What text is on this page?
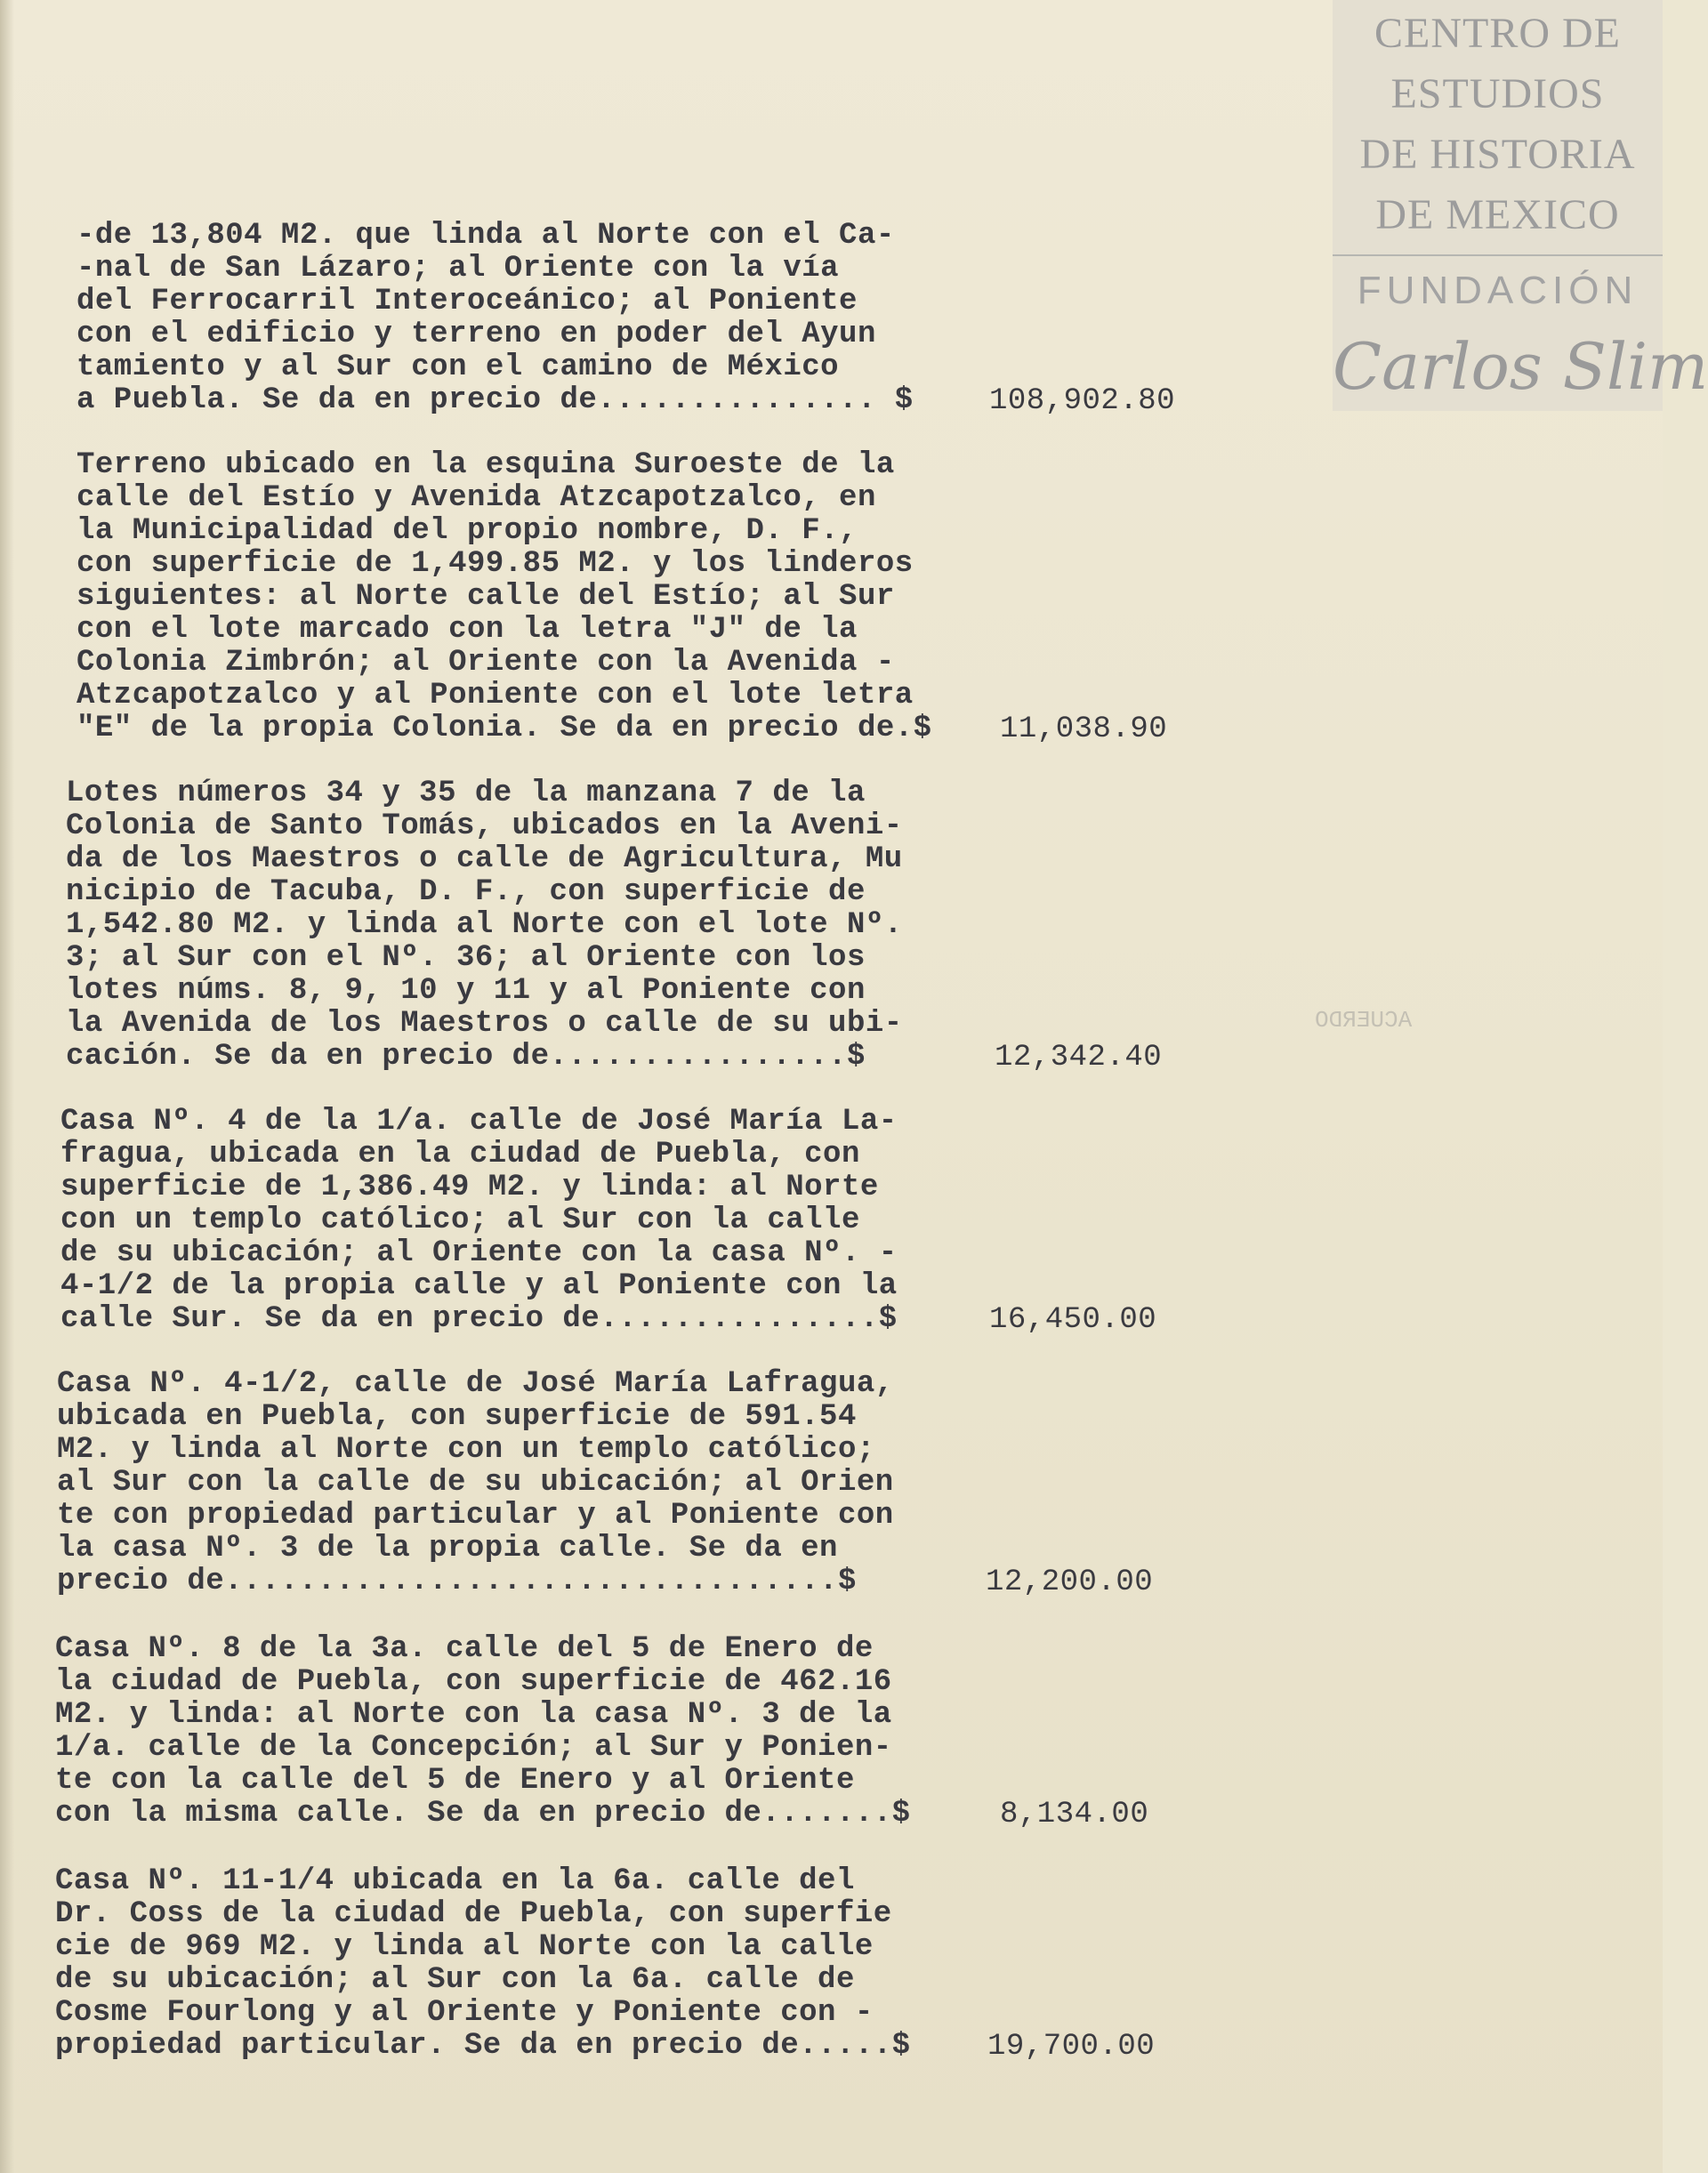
ACUERDO
CENTRO DE
ESTUDIOS
DE HISTORIA
DE MEXICO
FUNDACIÓN
Carlos Slim
-de 13,804 M2. que linda al Norte con el Ca-
-nal de San Lázaro; al Oriente con la vía
del Ferrocarril Interoceánico; al Poniente
con el edificio y terreno en poder del Ayun
tamiento y al Sur con el camino de México
a Puebla. Se da en precio de............... $	108,902.80
Terreno ubicado en la esquina Suroeste de la
calle del Estío y Avenida Atzcapotzalco, en
la Municipalidad del propio nombre, D. F.,
con superficie de 1,499.85 M2. y los linderos
siguientes: al Norte calle del Estío; al Sur
con el lote marcado con la letra "J" de la
Colonia Zimbrón; al Oriente con la Avenida -
Atzcapotzalco y al Poniente con el lote letra
"E" de la propia Colonia. Se da en precio de.$ 11,038.90
Lotes números 34 y 35 de la manzana 7 de la
Colonia de Santo Tomás, ubicados en la Aveni-
da de los Maestros o calle de Agricultura, Mu
nicipio de Tacuba, D. F., con superficie de
1,542.80 M2. y linda al Norte con el lote Nº.
3; al Sur con el Nº. 36; al Oriente con los
lotes núms. 8, 9, 10 y 11 y al Poniente con
la Avenida de los Maestros o calle de su ubi-
cación. Se da en precio de................$	12,342.40
Casa Nº. 4 de la 1/a. calle de José María La-
fragua, ubicada en la ciudad de Puebla, con
superficie de 1,386.49 M2. y linda: al Norte
con un templo católico; al Sur con la calle
de su ubicación; al Oriente con la casa Nº. -
4-1/2 de la propia calle y al Poniente con la
calle Sur. Se da en precio de...............$	16,450.00
Casa Nº. 4-1/2, calle de José María Lafragua,
ubicada en Puebla, con superficie de 591.54
M2. y linda al Norte con un templo católico;
al Sur con la calle de su ubicación; al Orien
te con propiedad particular y al Poniente con
la casa Nº. 3 de la propia calle. Se da en
precio de.................................$	12,200.00
Casa Nº. 8 de la 3a. calle del 5 de Enero de
la ciudad de Puebla, con superficie de 462.16
M2. y linda: al Norte con la casa Nº. 3 de la
1/a. calle de la Concepción; al Sur y Ponien-
te con la calle del 5 de Enero y al Oriente
con la misma calle. Se da en precio de.......$	8,134.00
Casa Nº. 11-1/4 ubicada en la 6a. calle del
Dr. Coss de la ciudad de Puebla, con superfie
cie de 969 M2. y linda al Norte con la calle
de su ubicación; al Sur con la 6a. calle de
Cosme Fourlong y al Oriente y Poniente con -
propiedad particular. Se da en precio de.....$	19,700.00
